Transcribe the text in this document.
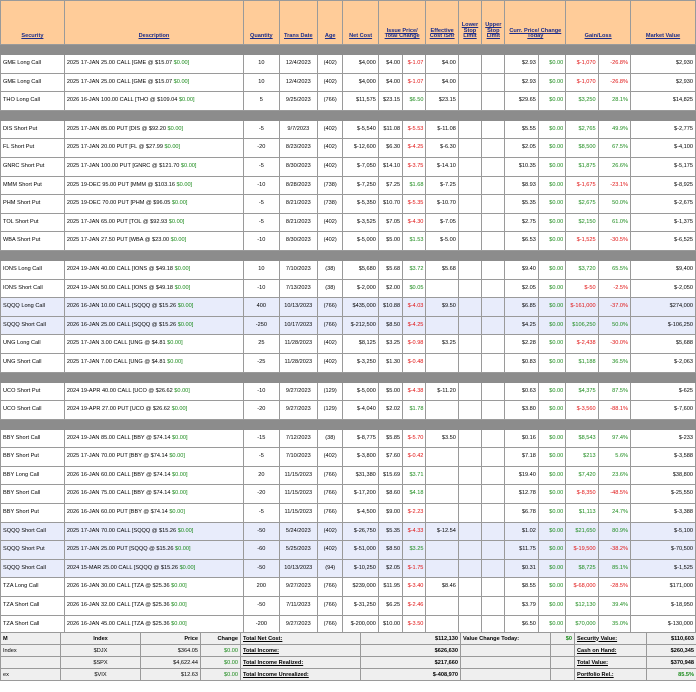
Security	Description	Quantity	Trans Date	Age	Net Cost	Issue Price/ Total Change		Effective Cost /Shr	Lower Stop Limit	Upper Stop Limit	Curr. Price/ Change Today		Gain/Loss		Market Value

GME Long Call	2025 17-JAN 25.00 CALL [GME @ $15.07 $0.00]	10	12/4/2023	(402)	$4,000	$4.00	$-1.07	$4.00			$2.93	$0.00	$-1,070	-26.8%	$2,930
GME Long Call	2025 17-JAN 25.00 CALL [GME @ $15.07 $0.00]	10	12/4/2023	(402)	$4,000	$4.00	$-1.07	$4.00			$2.93	$0.00	$-1,070	-26.8%	$2,930
THO Long Call	2026 16-JAN 100.00 CALL [THO @ $109.04 $0.00]	5	9/25/2023	(766)	$11,575	$23.15	$6.50	$23.15			$29.65	$0.00	$3,250	28.1%	$14,825

DIS Short Put	2025 17-JAN 85.00 PUT [DIS @ $92.20 $0.00]	-5	9/7/2023	(402)	$-5,540	$11.08	$-5.53	$-11.08			$5.55	$0.00	$2,765	49.9%	$-2,775
FL Short Put	2025 17-JAN 20.00 PUT [FL @ $27.99 $0.00]	-20	8/23/2023	(402)	$-12,600	$6.30	$-4.25	$-6.30			$2.05	$0.00	$8,500	67.5%	$-4,100
GNRC Short Put	2025 17-JAN 100.00 PUT [GNRC @ $121.70 $0.00]	-5	8/30/2023	(402)	$-7,050	$14.10	$-3.75	$-14.10			$10.35	$0.00	$1,875	26.6%	$-5,175
MMM Short Put	2025 19-DEC 95.00 PUT [MMM @ $103.16 $0.00]	-10	8/28/2023	(738)	$-7,250	$7.25	$1.68	$-7.25			$8.93	$0.00	$-1,675	-23.1%	$-8,925
PHM Short Put	2025 19-DEC 70.00 PUT [PHM @ $96.05 $0.00]	-5	8/21/2023	(738)	$-5,350	$10.70	$-5.35	$-10.70			$5.35	$0.00	$2,675	50.0%	$-2,675
TOL Short Put	2025 17-JAN 65.00 PUT [TOL @ $92.93 $0.00]	-5	8/21/2023	(402)	$-3,525	$7.05	$-4.30	$-7.05			$2.75	$0.00	$2,150	61.0%	$-1,375
WBA Short Put	2025 17-JAN 27.50 PUT [WBA @ $23.00 $0.00]	-10	8/30/2023	(402)	$-5,000	$5.00	$1.53	$-5.00			$6.53	$0.00	$-1,525	-30.5%	$-6,525

IONS Long Call	2024 19-JAN 40.00 CALL [IONS @ $49.18 $0.00]	10	7/10/2023	(38)	$5,680	$5.68	$3.72	$5.68			$9.40	$0.00	$3,720	65.5%	$9,400
IONS Short Call	2024 19-JAN 50.00 CALL [IONS @ $49.18 $0.00]	-10	7/13/2023	(38)	$-2,000	$2.00	$0.05				$2.05	$0.00	$-50	-2.5%	$-2,050
SQQQ Long Call	2026 16-JAN 10.00 CALL [SQQQ @ $15.26 $0.00]	400	10/13/2023	(766)	$435,000	$10.88	$-4.03	$9.50			$6.85	$0.00	$-161,000	-37.0%	$274,000
SQQQ Short Call	2026 16-JAN 25.00 CALL [SQQQ @ $15.26 $0.00]	-250	10/17/2023	(766)	$-212,500	$8.50	$-4.25				$4.25	$0.00	$106,250	50.0%	$-106,250
UNG Long Call	2025 17-JAN 3.00 CALL [UNG @ $4.81 $0.00]	25	11/28/2023	(402)	$8,125	$3.25	$-0.98	$3.25			$2.28	$0.00	$-2,438	-30.0%	$5,688
UNG Short Call	2025 17-JAN 7.00 CALL [UNG @ $4.81 $0.00]	-25	11/28/2023	(402)	$-3,250	$1.30	$-0.48				$0.83	$0.00	$1,188	36.5%	$-2,063

UCO Short Put	2024 19-APR 40.00 CALL [UCO @ $26.62 $0.00]	-10	9/27/2023	(129)	$-5,000	$5.00	$-4.38	$-11.20			$0.63	$0.00	$4,375	87.5%	$-625
UCO Short Call	2024 19-APR 27.00 PUT [UCO @ $26.62 $0.00]	-20	9/27/2023	(129)	$-4,040	$2.02	$1.78				$3.80	$0.00	$-3,560	-88.1%	$-7,600

BBY Short Call	2024 19-JAN 85.00 CALL [BBY @ $74.14 $0.00]	-15	7/12/2023	(38)	$-8,775	$5.85	$-5.70	$3.50			$0.16	$0.00	$8,543	97.4%	$-233
BBY Short Put	2025 17-JAN 70.00 PUT [BBY @ $74.14 $0.00]	-5	7/10/2023	(402)	$-3,800	$7.60	$-0.42				$7.18	$0.00	$213	5.6%	$-3,588
BBY Long Call	2026 16-JAN 60.00 CALL [BBY @ $74.14 $0.00]	20	11/15/2023	(766)	$31,380	$15.69	$3.71				$19.40	$0.00	$7,420	23.6%	$38,800
BBY Short Call	2026 16-JAN 75.00 CALL [BBY @ $74.14 $0.00]	-20	11/15/2023	(766)	$-17,200	$8.60	$4.18				$12.78	$0.00	$-8,350	-48.5%	$-25,550
BBY Short Put	2026 16-JAN 60.00 PUT [BBY @ $74.14 $0.00]	-5	11/15/2023	(766)	$-4,500	$9.00	$-2.23				$6.78	$0.00	$1,113	24.7%	$-3,388
SQQQ Short Call	2025 17-JAN 70.00 CALL [SQQQ @ $15.26 $0.00]	-50	5/24/2023	(402)	$-26,750	$5.35	$-4.33	$-12.54			$1.02	$0.00	$21,650	80.9%	$-5,100
SQQQ Short Put	2025 17-JAN 25.00 PUT [SQQQ @ $15.26 $0.00]	-60	5/25/2023	(402)	$-51,000	$8.50	$3.25				$11.75	$0.00	$-19,500	-38.2%	$-70,500
SQQQ Short Call	2024 15-MAR 25.00 CALL [SQQQ @ $15.26 $0.00]	-50	10/13/2023	(94)	$-10,250	$2.05	$-1.75				$0.31	$0.00	$8,725	85.1%	$-1,525
TZA Long Call	2026 16-JAN 30.00 CALL [TZA @ $25.36 $0.00]	200	9/27/2023	(766)	$239,000	$11.95	$-3.40	$8.46			$8.55	$0.00	$-68,000	-28.5%	$171,000
TZA Short Call	2026 16-JAN 32.00 CALL [TZA @ $25.36 $0.00]	-50	7/11/2023	(766)	$-31,250	$6.25	$-2.46				$3.79	$0.00	$12,130	39.4%	$-18,950
TZA Short Call	2026 16-JAN 45.00 CALL [TZA @ $25.36 $0.00]	-200	9/27/2023	(766)	$-200,000	$10.00	$-3.50				$6.50	$0.00	$70,000	35.0%	$-130,000
M	Index	Price	Change	Total Net Cost:	$112,130	Value Change Today:	$0	Security Value:	$110,603
Index	$DJX	$364.05	$0.00	Total Income:	$626,630			Cash on Hand:	$260,345
	$SPX	$4,622.44	$0.00	Total Income Realized:	$217,660			Total Value:	$370,948
ex	$VIX	$12.63	$0.00	Total Income Unrealized:	$-408,970			Portfolio Rel.:	85.5%
